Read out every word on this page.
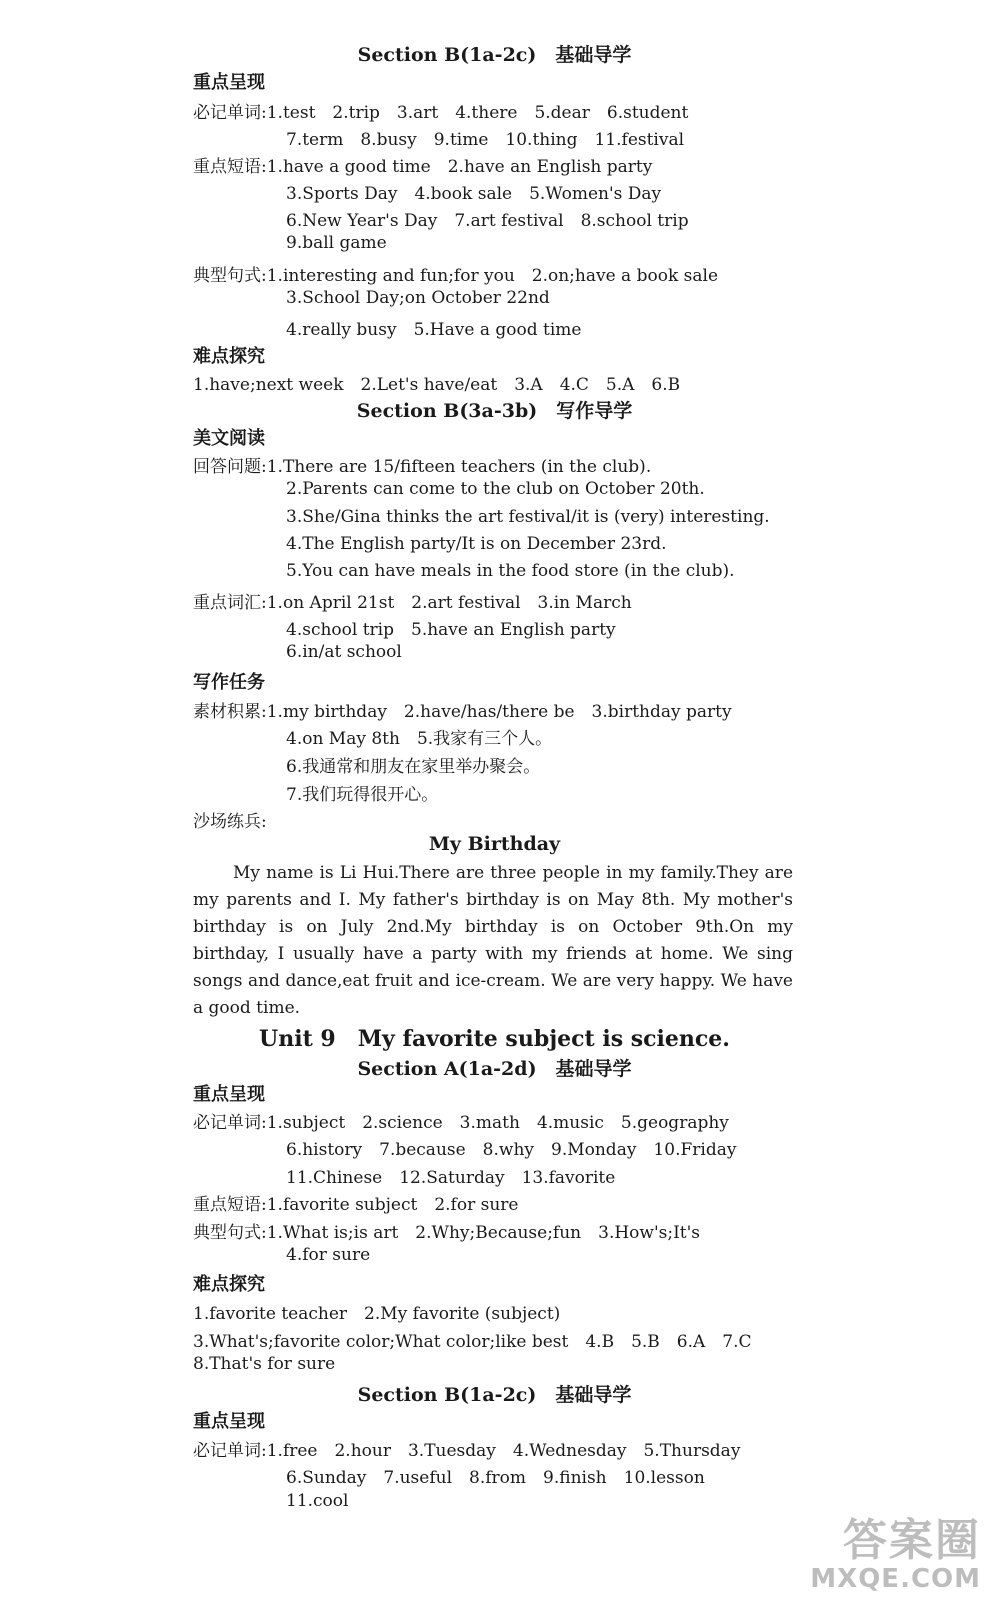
Section B(1a-2c)　基础导学
重点呈现
必记单词:1.test　2.trip　3.art　4.there　5.dear　6.student
7.term　8.busy　9.time　10.thing　11.festival
重点短语:1.have a good time　2.have an English party
3.Sports Day　4.book sale　5.Women's Day
6.New Year's Day　7.art festival　8.school trip
9.ball game
典型句式:1.interesting and fun;for you　2.on;have a book sale
3.School Day;on October 22nd
4.really busy　5.Have a good time
难点探究
1.have;next week　2.Let's have/eat　3.A　4.C　5.A　6.B
Section B(3a-3b)　写作导学
美文阅读
回答问题:1.There are 15/fifteen teachers (in the club).
2.Parents can come to the club on October 20th.
3.She/Gina thinks the art festival/it is (very) interesting.
4.The English party/It is on December 23rd.
5.You can have meals in the food store (in the club).
重点词汇:1.on April 21st　2.art festival　3.in March
4.school trip　5.have an English party
6.in/at school
写作任务
素材积累:1.my birthday　2.have/has/there be　3.birthday party
4.on May 8th　5.我家有三个人。
6.我通常和朋友在家里举办聚会。
7.我们玩得很开心。
沙场练兵:
My Birthday
My name is Li Hui.There are three people in my family.They are my parents and I. My father's birthday is on May 8th. My mother's birthday is on July 2nd.My birthday is on October 9th.On my birthday, I usually have a party with my friends at home. We sing songs and dance,eat fruit and ice-cream. We are very happy. We have a good time.
Unit 9　My favorite subject is science.
Section A(1a-2d)　基础导学
重点呈现
必记单词:1.subject　2.science　3.math　4.music　5.geography
6.history　7.because　8.why　9.Monday　10.Friday
11.Chinese　12.Saturday　13.favorite
重点短语:1.favorite subject　2.for sure
典型句式:1.What is;is art　2.Why;Because;fun　3.How's;It's
4.for sure
难点探究
1.favorite teacher　2.My favorite (subject)
3.What's;favorite color;What color;like best　4.B　5.B　6.A　7.C
8.That's for sure
Section B(1a-2c)　基础导学
重点呈现
必记单词:1.free　2.hour　3.Tuesday　4.Wednesday　5.Thursday
6.Sunday　7.useful　8.from　9.finish　10.lesson
11.cool
答案圈
MXQE.COM
